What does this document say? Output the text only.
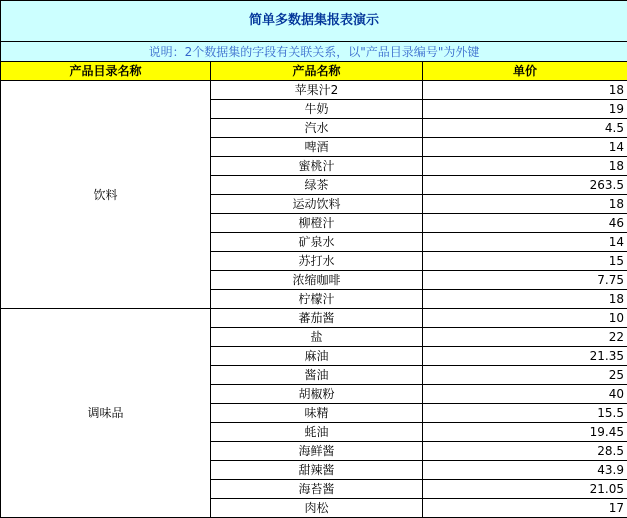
简单多数据集报表演示		
说明：2个数据集的字段有关联关系，以"产品目录编号"为外键		
产品目录名称	产品名称	单价
饮料	苹果汁2	18
	牛奶	19
	汽水	4.5
	啤酒	14
	蜜桃汁	18
	绿茶	263.5
	运动饮料	18
	柳橙汁	46
	矿泉水	14
	苏打水	15
	浓缩咖啡	7.75
	柠檬汁	18
调味品	蕃茄酱	10
	盐	22
	麻油	21.35
	酱油	25
	胡椒粉	40
	味精	15.5
	蚝油	19.45
	海鲜酱	28.5
	甜辣酱	43.9
	海苔酱	21.05
	肉松	17
